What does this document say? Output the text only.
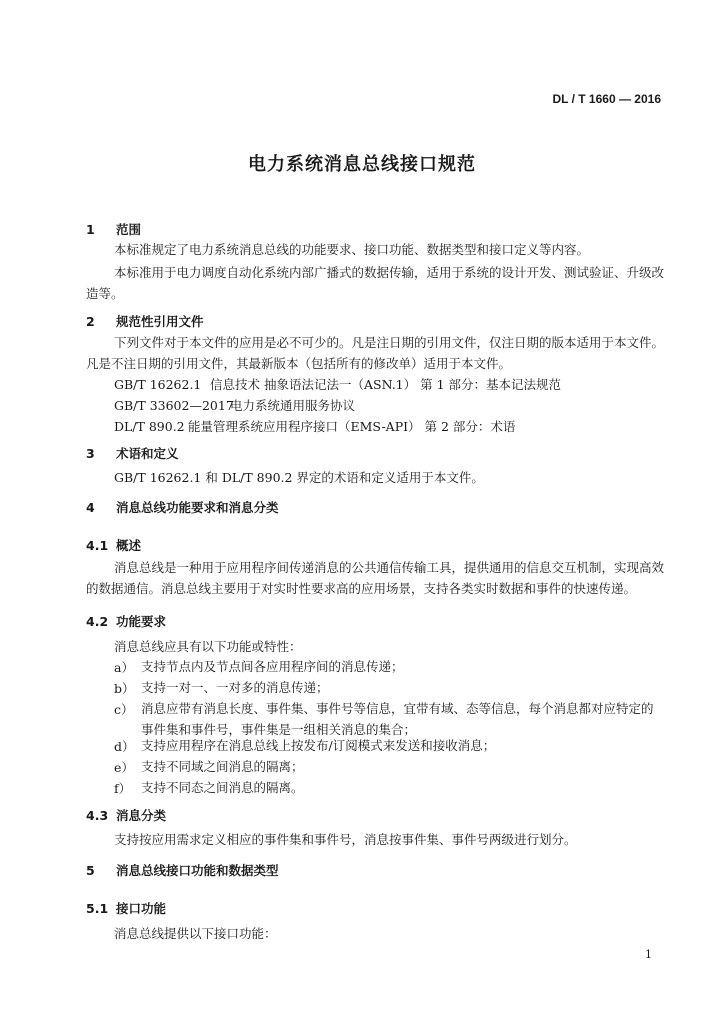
DL / T 1660 — 2016
电力系统消息总线接口规范
1 范围
本标准规定了电力系统消息总线的功能要求、接口功能、数据类型和接口定义等内容。
本标准用于电力调度自动化系统内部广播式的数据传输，适用于系统的设计开发、测试验证、升级改造等。
2 规范性引用文件
下列文件对于本文件的应用是必不可少的。凡是注日期的引用文件，仅注日期的版本适用于本文件。凡是不注日期的引用文件，其最新版本（包括所有的修改单）适用于本文件。
GB/T 16262.1 信息技术 抽象语法记法一（ASN.1） 第 1 部分：基本记法规范
GB/T 33602—2017电力系统通用服务协议
DL/T 890.2 能量管理系统应用程序接口（EMS-API） 第 2 部分：术语
3 术语和定义
GB/T 16262.1 和 DL/T 890.2 界定的术语和定义适用于本文件。
4 消息总线功能要求和消息分类
4.1 概述
消息总线是一种用于应用程序间传递消息的公共通信传输工具，提供通用的信息交互机制，实现高效的数据通信。消息总线主要用于对实时性要求高的应用场景，支持各类实时数据和事件的快速传递。
4.2 功能要求
消息总线应具有以下功能或特性：
a） 支持节点内及节点间各应用程序间的消息传递；
b） 支持一对一、一对多的消息传递；
c） 消息应带有消息长度、事件集、事件号等信息，宜带有域、态等信息，每个消息都对应特定的事件集和事件号，事件集是一组相关消息的集合；
d） 支持应用程序在消息总线上按发布/订阅模式来发送和接收消息；
e） 支持不同域之间消息的隔离；
f） 支持不同态之间消息的隔离。
4.3 消息分类
支持按应用需求定义相应的事件集和事件号，消息按事件集、事件号两级进行划分。
5 消息总线接口功能和数据类型
5.1 接口功能
消息总线提供以下接口功能：
1
